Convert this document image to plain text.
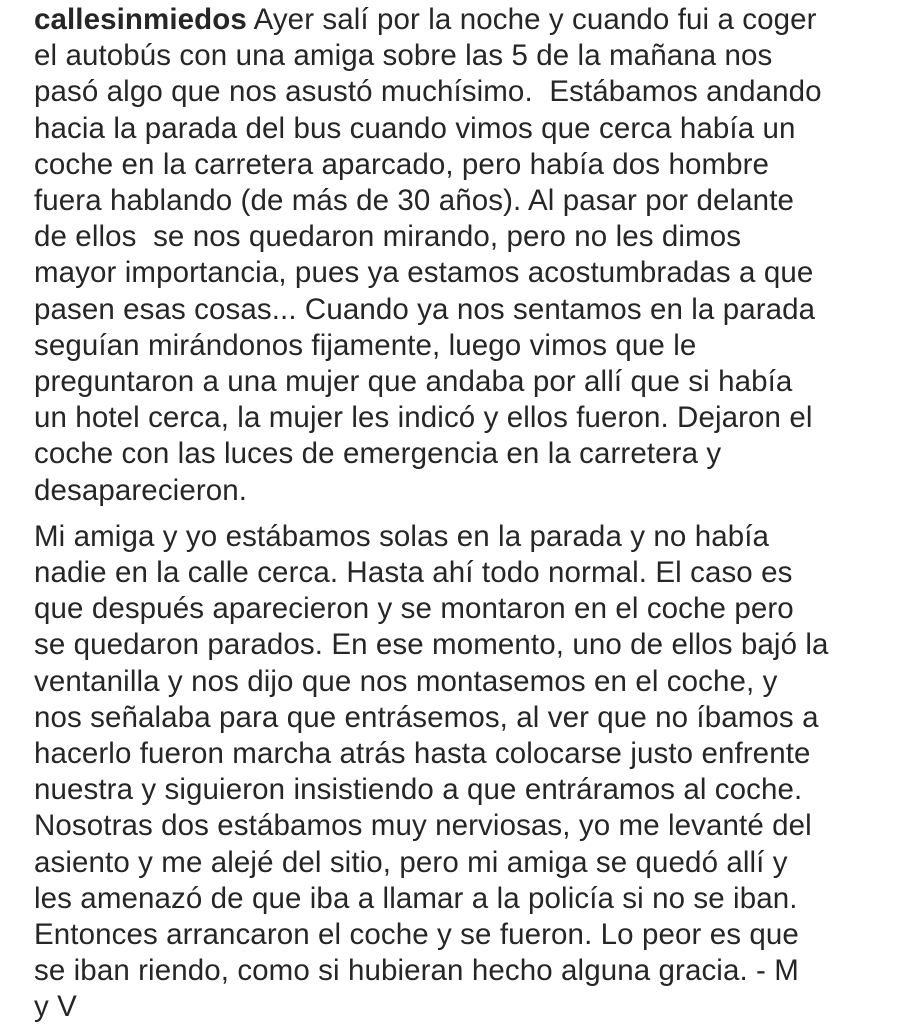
callesinmiedos Ayer salí por la noche y cuando fui a coger
el autobús con una amiga sobre las 5 de la mañana nos
pasó algo que nos asustó muchísimo.  Estábamos andando
hacia la parada del bus cuando vimos que cerca había un
coche en la carretera aparcado, pero había dos hombre
fuera hablando (de más de 30 años). Al pasar por delante
de ellos  se nos quedaron mirando, pero no les dimos
mayor importancia, pues ya estamos acostumbradas a que
pasen esas cosas... Cuando ya nos sentamos en la parada
seguían mirándonos fijamente, luego vimos que le
preguntaron a una mujer que andaba por allí que si había
un hotel cerca, la mujer les indicó y ellos fueron. Dejaron el
coche con las luces de emergencia en la carretera y
desaparecieron.
Mi amiga y yo estábamos solas en la parada y no había
nadie en la calle cerca. Hasta ahí todo normal. El caso es
que después aparecieron y se montaron en el coche pero
se quedaron parados. En ese momento, uno de ellos bajó la
ventanilla y nos dijo que nos montasemos en el coche, y
nos señalaba para que entrásemos, al ver que no íbamos a
hacerlo fueron marcha atrás hasta colocarse justo enfrente
nuestra y siguieron insistiendo a que entráramos al coche.
Nosotras dos estábamos muy nerviosas, yo me levanté del
asiento y me alejé del sitio, pero mi amiga se quedó allí y
les amenazó de que iba a llamar a la policía si no se iban.
Entonces arrancaron el coche y se fueron. Lo peor es que
se iban riendo, como si hubieran hecho alguna gracia. - M
y V
